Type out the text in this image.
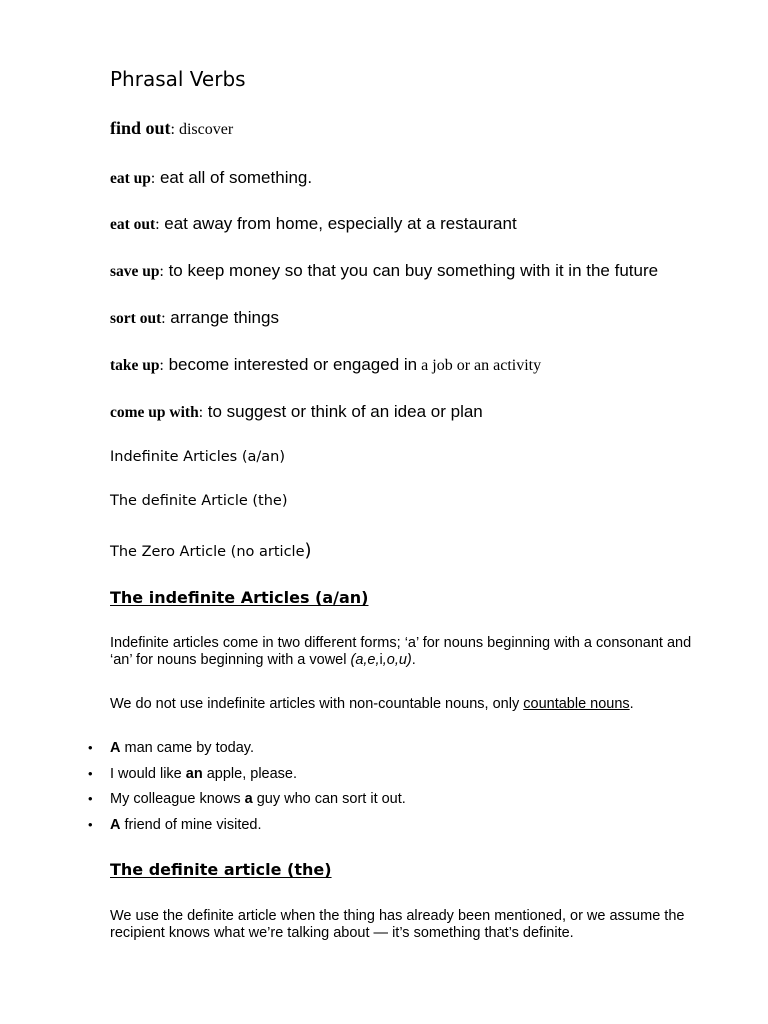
Phrasal Verbs
find out: discover
eat up: eat all of something.
eat out: eat away from home, especially at a restaurant
save up: to keep money so that you can buy something with it in the future
sort out: arrange things
take up: become interested or engaged in a job or an activity
come up with: to suggest or think of an idea or plan
Indefinite Articles (a/an)
The definite Article (the)
The Zero Article (no article)
The indefinite Articles (a/an)
Indefinite articles come in two different forms; ‘a’ for nouns beginning with a consonant and ‘an’ for nouns beginning with a vowel (a,e,i,o,u).
We do not use indefinite articles with non-countable nouns, only countable nouns.
• A man came by today.
• I would like an apple, please.
• My colleague knows a guy who can sort it out.
• A friend of mine visited.
The definite article (the)
We use the definite article when the thing has already been mentioned, or we assume the recipient knows what we’re talking about — it’s something that’s definite.
